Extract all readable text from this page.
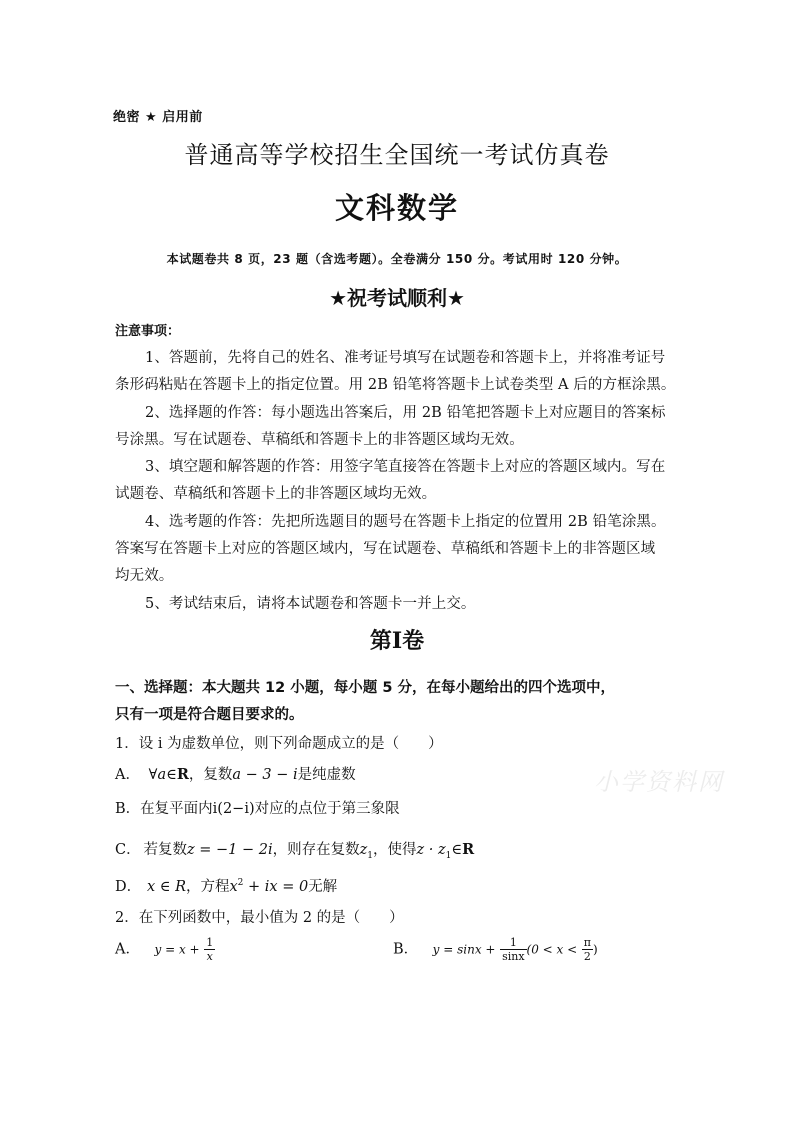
绝密 ★ 启用前
普通高等学校招生全国统一考试仿真卷
文科数学
本试题卷共 8 页，23 题（含选考题）。全卷满分 150 分。考试用时 120 分钟。
★祝考试顺利★
注意事项：
1、答题前，先将自己的姓名、准考证号填写在试题卷和答题卡上，并将准考证号
条形码粘贴在答题卡上的指定位置。用 2B 铅笔将答题卡上试卷类型 A 后的方框涂黑。
2、选择题的作答：每小题选出答案后，用 2B 铅笔把答题卡上对应题目的答案标
号涂黑。写在试题卷、草稿纸和答题卡上的非答题区域均无效。
3、填空题和解答题的作答：用签字笔直接答在答题卡上对应的答题区域内。写在
试题卷、草稿纸和答题卡上的非答题区域均无效。
4、选考题的作答：先把所选题目的题号在答题卡上指定的位置用 2B 铅笔涂黑。
答案写在答题卡上对应的答题区域内，写在试题卷、草稿纸和答题卡上的非答题区域
均无效。
5、考试结束后，请将本试题卷和答题卡一并上交。
第Ⅰ卷
一、选择题：本大题共 12 小题，每小题 5 分，在每小题给出的四个选项中，
只有一项是符合题目要求的。
小学资料网
1．设 i 为虚数单位，则下列命题成立的是（　　）
A．    ∀a∈R，复数a − 3 − i是纯虚数
B．在复平面内i(2−i)对应的点位于第三象限
C．  若复数z = −1 − 2i，则存在复数$z_1$，使得$z \cdot z_1\in R$
D．   x ∈ R，方程$x^2$ + ix = 0无解
2．在下列函数中，最小值为 2 的是（　　）
A．  $y = x + \frac{1}{x}$	B．  $y = \sin x + \frac{1}{\sin x} (0 < x < \frac{\pi}{2}$ )
